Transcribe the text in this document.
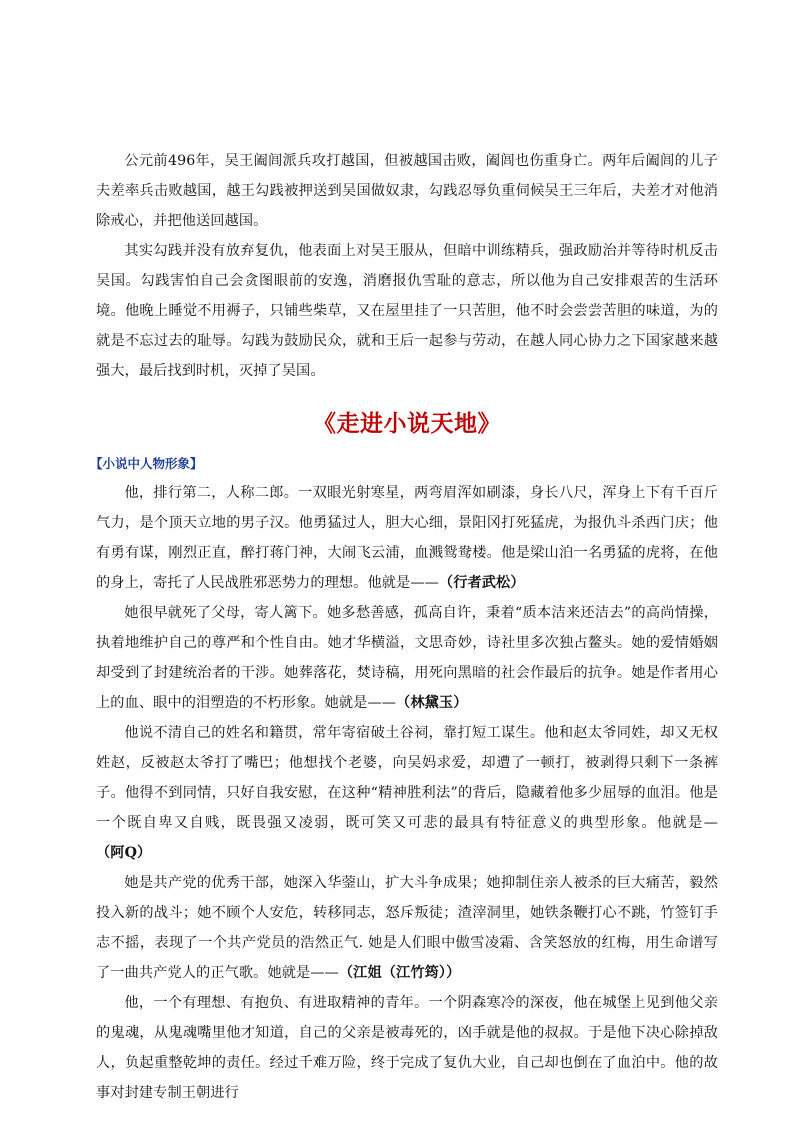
公元前496年，吴王阖闾派兵攻打越国，但被越国击败，阖闾也伤重身亡。两年后阖闾的儿子夫差率兵击败越国，越王勾践被押送到吴国做奴隶，勾践忍辱负重伺候吴王三年后，夫差才对他消除戒心，并把他送回越国。

其实勾践并没有放弃复仇，他表面上对吴王服从，但暗中训练精兵，强政励治并等待时机反击吴国。勾践害怕自己会贪图眼前的安逸，消磨报仇雪耻的意志，所以他为自己安排艰苦的生活环境。他晚上睡觉不用褥子，只铺些柴草，又在屋里挂了一只苦胆，他不时会尝尝苦胆的味道，为的就是不忘过去的耻辱。勾践为鼓励民众，就和王后一起参与劳动，在越人同心协力之下国家越来越强大，最后找到时机，灭掉了吴国。

《走进小说天地》
【小说中人物形象】

他，排行第二，人称二郎。一双眼光射寒星，两弯眉浑如刷漆，身长八尺，浑身上下有千百斤气力，是个顶天立地的男子汉。他勇猛过人，胆大心细，景阳冈打死猛虎，为报仇斗杀西门庆；他有勇有谋，刚烈正直，醉打蒋门神，大闹飞云浦，血溅鸳鸯楼。他是梁山泊一名勇猛的虎将，在他的身上，寄托了人民战胜邪恶势力的理想。他就是——（行者武松）

她很早就死了父母，寄人篱下。她多愁善感，孤高自许，秉着“质本洁来还洁去”的高尚情操，执着地维护自己的尊严和个性自由。她才华横溢，文思奇妙，诗社里多次独占鳌头。她的爱情婚姻却受到了封建统治者的干涉。她葬落花，焚诗稿，用死向黑暗的社会作最后的抗争。她是作者用心上的血、眼中的泪塑造的不朽形象。她就是——（林黛玉）

他说不清自己的姓名和籍贯，常年寄宿破土谷祠，靠打短工谋生。他和赵太爷同姓，却又无权姓赵，反被赵太爷打了嘴巴；他想找个老婆，向吴妈求爱，却遭了一顿打，被剥得只剩下一条裤子。他得不到同情，只好自我安慰，在这种“精神胜利法”的背后，隐藏着他多少屈辱的血泪。他是一个既自卑又自贱，既畏强又凌弱，既可笑又可悲的最具有特征意义的典型形象。他就是—（阿Q）

她是共产党的优秀干部，她深入华蓥山，扩大斗争成果；她抑制住亲人被杀的巨大痛苦，毅然投入新的战斗；她不顾个人安危，转移同志，怒斥叛徒；渣滓洞里，她铁条鞭打心不跳，竹签钉手志不摇，表现了一个共产党员的浩然正气. 她是人们眼中傲雪凌霜、含笑怒放的红梅，用生命谱写了一曲共产党人的正气歌。她就是——（江姐（江竹筠））

他，一个有理想、有抱负、有进取精神的青年。一个阴森寒冷的深夜，他在城堡上见到他父亲的鬼魂，从鬼魂嘴里他才知道，自己的父亲是被毒死的，凶手就是他的叔叔。于是他下决心除掉敌人，负起重整乾坤的责任。经过千难万险，终于完成了复仇大业，自己却也倒在了血泊中。他的故事对封建专制王朝进行
